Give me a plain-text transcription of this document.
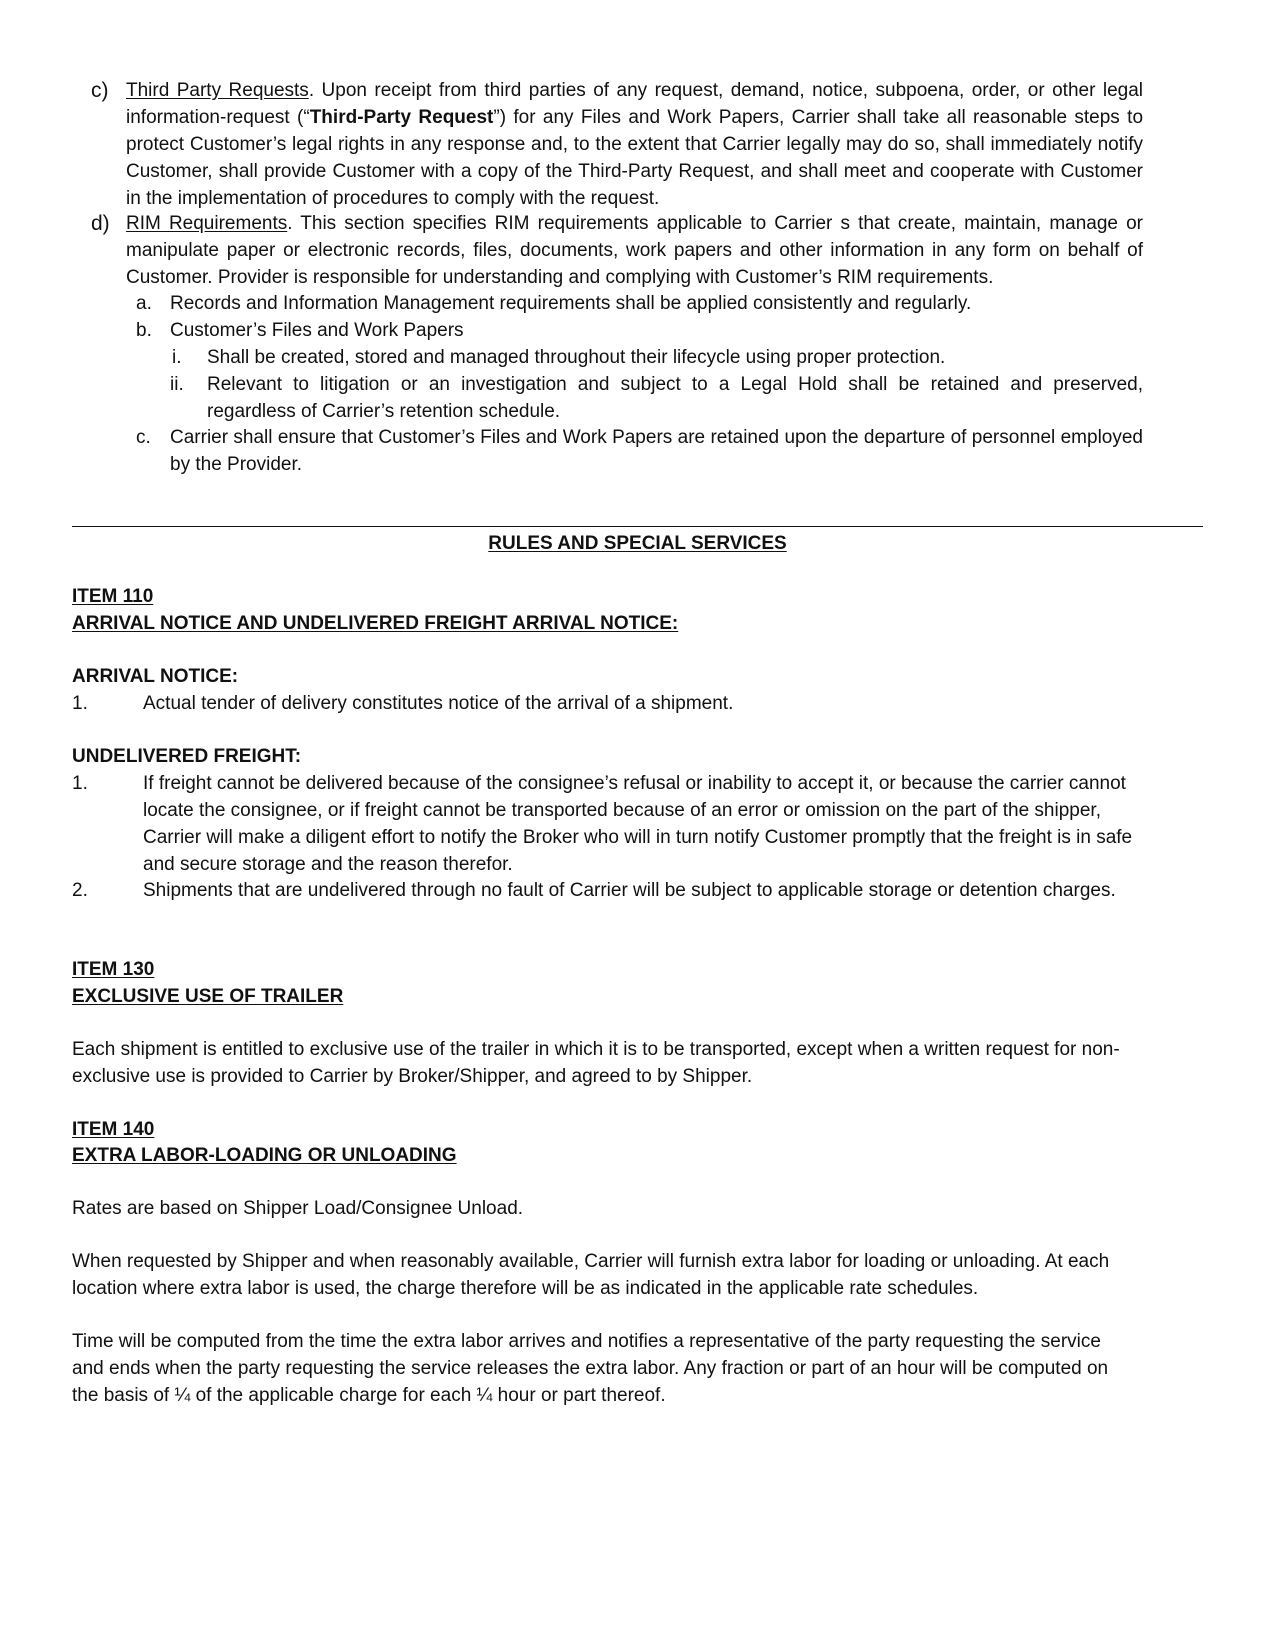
c) Third Party Requests. Upon receipt from third parties of any request, demand, notice, subpoena, order, or other legal information-request (“Third-Party Request”) for any Files and Work Papers, Carrier shall take all reasonable steps to protect Customer’s legal rights in any response and, to the extent that Carrier legally may do so, shall immediately notify Customer, shall provide Customer with a copy of the Third-Party Request, and shall meet and cooperate with Customer in the implementation of procedures to comply with the request.
d) RIM Requirements. This section specifies RIM requirements applicable to Carrier s that create, maintain, manage or manipulate paper or electronic records, files, documents, work papers and other information in any form on behalf of Customer. Provider is responsible for understanding and complying with Customer’s RIM requirements.
a. Records and Information Management requirements shall be applied consistently and regularly.
b. Customer’s Files and Work Papers
i. Shall be created, stored and managed throughout their lifecycle using proper protection.
ii. Relevant to litigation or an investigation and subject to a Legal Hold shall be retained and preserved, regardless of Carrier’s retention schedule.
c. Carrier shall ensure that Customer’s Files and Work Papers are retained upon the departure of personnel employed by the Provider.
RULES AND SPECIAL SERVICES
ITEM 110
ARRIVAL NOTICE AND UNDELIVERED FREIGHT ARRIVAL NOTICE:
ARRIVAL NOTICE:
1.	Actual tender of delivery constitutes notice of the arrival of a shipment.
UNDELIVERED FREIGHT:
1.	If freight cannot be delivered because of the consignee’s refusal or inability to accept it, or because the carrier cannot locate the consignee, or if freight cannot be transported because of an error or omission on the part of the shipper, Carrier will make a diligent effort to notify the Broker who will in turn notify Customer promptly that the freight is in safe and secure storage and the reason therefor.
2.	Shipments that are undelivered through no fault of Carrier will be subject to applicable storage or detention charges.
ITEM 130
EXCLUSIVE USE OF TRAILER
Each shipment is entitled to exclusive use of the trailer in which it is to be transported, except when a written request for non-exclusive use is provided to Carrier by Broker/Shipper, and agreed to by Shipper.
ITEM 140
EXTRA LABOR-LOADING OR UNLOADING
Rates are based on Shipper Load/Consignee Unload.
When requested by Shipper and when reasonably available, Carrier will furnish extra labor for loading or unloading. At each location where extra labor is used, the charge therefore will be as indicated in the applicable rate schedules.
Time will be computed from the time the extra labor arrives and notifies a representative of the party requesting the service and ends when the party requesting the service releases the extra labor. Any fraction or part of an hour will be computed on the basis of ¼ of the applicable charge for each ¼ hour or part thereof.
